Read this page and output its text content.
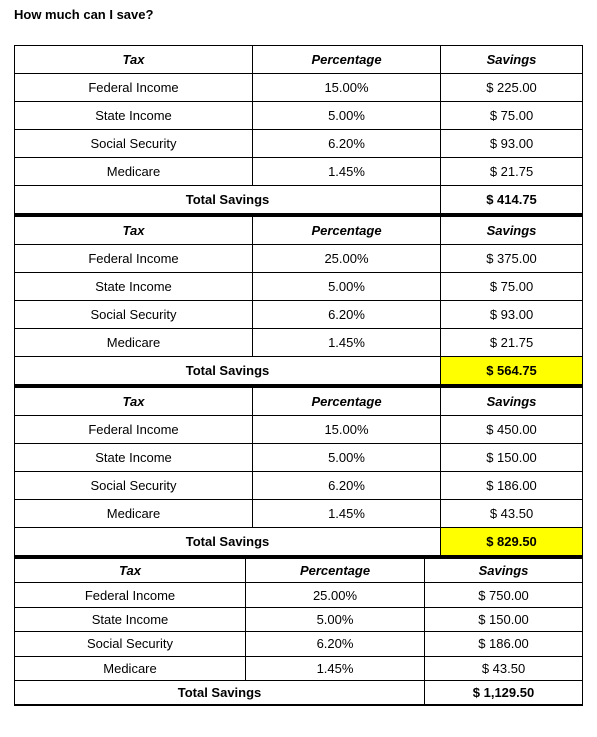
How much can I save?
Tax	Percentage	Savings
Federal Income	15.00%	$ 225.00
State Income	5.00%	$ 75.00
Social Security	6.20%	$ 93.00
Medicare	1.45%	$ 21.75
Total Savings		$ 414.75
Tax	Percentage	Savings
Federal Income	25.00%	$ 375.00
State Income	5.00%	$ 75.00
Social Security	6.20%	$ 93.00
Medicare	1.45%	$ 21.75
Total Savings		$ 564.75
Tax	Percentage	Savings
Federal Income	15.00%	$ 450.00
State Income	5.00%	$ 150.00
Social Security	6.20%	$ 186.00
Medicare	1.45%	$ 43.50
Total Savings		$ 829.50
Tax	Percentage	Savings
Federal Income	25.00%	$ 750.00
State Income	5.00%	$ 150.00
Social Security	6.20%	$ 186.00
Medicare	1.45%	$ 43.50
Total Savings		$ 1,129.50
